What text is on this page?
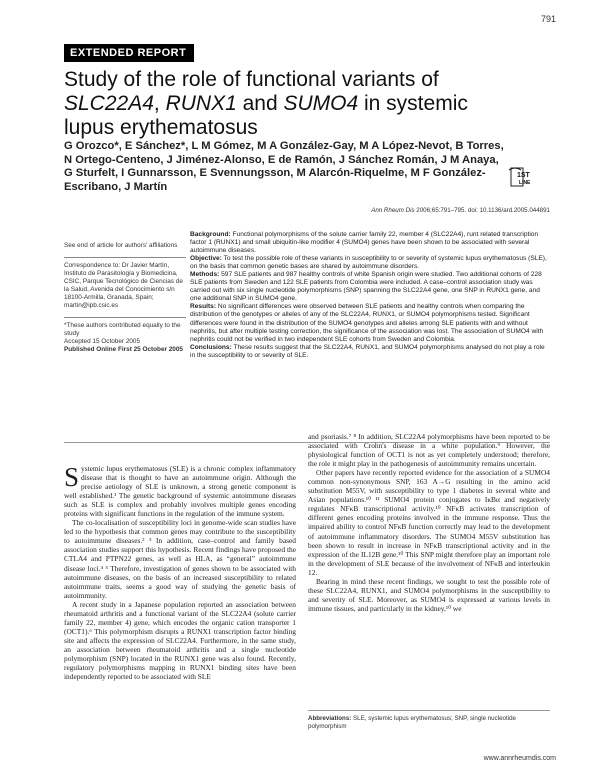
791
EXTENDED REPORT
Study of the role of functional variants of SLC22A4, RUNX1 and SUMO4 in systemic lupus erythematosus
G Orozco*, E Sánchez*, L M Gómez, M A González-Gay, M A López-Nevot, B Torres, N Ortego-Centeno, J Jiménez-Alonso, E de Ramón, J Sánchez Román, J M Anaya, G Sturfelt, I Gunnarsson, E Svennungsson, M Alarcón-Riquelme, M F González-Escribano, J Martín
1ST
LINE
Ann Rheum Dis 2006;65:791–795. doi: 10.1136/ard.2005.044891
See end of article for authors' affiliations
Correspondence to: Dr Javier Martín, Instituto de Parasitología y Biomedicina, CSIC, Parque Tecnológico de Ciencias de la Salud, Avenida del Conocimiento s/n 18100-Armilla, Granada, Spain; martin@ipb.csic.es
*These authors contributed equally to the study
Accepted 15 October 2005
Published Online First 25 October 2005

Background: Functional polymorphisms of the solute carrier family 22, member 4 (SLC22A4), runt related transcription factor 1 (RUNX1) and small ubiquitin-like modifier 4 (SUMO4) genes have been shown to be associated with several autoimmune diseases.

Objective: To test the possible role of these variants in susceptibility to or severity of systemic lupus erythematosus (SLE), on the basis that common genetic bases are shared by autoimmune disorders.

Methods: 597 SLE patients and 987 healthy controls of white Spanish origin were studied. Two additional cohorts of 228 SLE patients from Sweden and 122 SLE patients from Colombia were included. A case–control association study was carried out with six single nucleotide polymorphisms (SNP) spanning the SLC22A4 gene, one SNP in RUNX1 gene, and one additional SNP in SUMO4 gene.

Results: No significant differences were observed between SLE patients and healthy controls when comparing the distribution of the genotypes or alleles of any of the SLC22A4, RUNX1, or SUMO4 polymorphisms tested. Significant differences were found in the distribution of the SUMO4 genotypes and alleles among SLE patients with and without nephritis, but after multiple testing correction, the significance of the association was lost. The association of SUMO4 with nephritis could not be verified in two independent SLE cohorts from Sweden and Colombia.

Conclusions: These results suggest that the SLC22A4, RUNX1, and SUMO4 polymorphisms analysed do not play a role in the susceptibility to or severity of SLE.

Systemic lupus erythematosus (SLE) is a chronic complex inflammatory disease that is thought to have an autoimmune origin. Although the precise aetiology of SLE is unknown, a strong genetic component is well established.¹ The genetic background of systemic autoimmune diseases such as SLE is complex and probably involves multiple genes encoding proteins with significant functions in the regulation of the immune system.

The co-localisation of susceptibility loci in genome-wide scan studies have led to the hypothesis that common genes may contribute to the susceptibility to autoimmune diseases.² ³ In addition, case–control and family based association studies support this hypothesis. Recent findings have proposed the CTLA4 and PTPN22 genes, as well as HLA, as “general” autoimmune disease loci.⁴ ⁵ Therefore, investigation of genes shown to be associated with autoimmune diseases, on the basis of an increased susceptibility to related autoimmune traits, seems a good way of studying the genetic basis of autoimmunity.

A recent study in a Japanese population reported an association between rheumatoid arthritis and a functional variant of the SLC22A4 (solute carrier family 22, member 4) gene, which encodes the organic cation transporter 1 (OCT1).⁶ This polymorphism disrupts a RUNX1 transcription factor binding site and affects the expression of SLC22A4. Furthermore, in the same study, an association between rheumatoid arthritis and a single nucleotide polymorphism (SNP) located in the RUNX1 gene was also found. Recently, regulatory polymorphisms mapping in RUNX1 binding sites have been independently reported to be associated with SLE

and psoriasis.⁷ ⁸ In addition, SLC22A4 polymorphisms have been reported to be associated with Crohn's disease in a white population.⁹ However, the physiological function of OCT1 is not as yet completely understood; therefore, the role it might play in the pathogenesis of autoimmunity remains uncertain.

Other papers have recently reported evidence for the association of a SUMO4 common non-synonymous SNP, 163 A→G resulting in the amino acid substitution M55V, with susceptibility to type 1 diabetes in several white and Asian populations.¹⁰ ¹¹ SUMO4 protein conjugates to IκBα and negatively regulates NFκB transcriptional activity.¹⁰ NFκB activates transcription of different genes encoding proteins involved in the immune response. Thus the impaired ability to control NFκB function correctly may lead to the development of autoimmune inflammatory disorders. The SUMO4 M55V substitution has been shown to result in increase in NFκB transcriptional activity and in the expression of the IL12B gene.¹⁰ This SNP might therefore play an important role in the development of SLE because of the involvement of NFκB and interleukin 12.

Bearing in mind these recent findings, we sought to test the possible role of these SLC22A4, RUNX1, and SUMO4 polymorphisms in the susceptibility to and severity of SLE. Moreover, as SUMO4 is expressed at various levels in immune tissues, and particularly in the kidney,¹⁰ we

Abbreviations: SLE, systemic lupus erythematosus; SNP, single nucleotide polymorphism
www.annrheumdis.com
